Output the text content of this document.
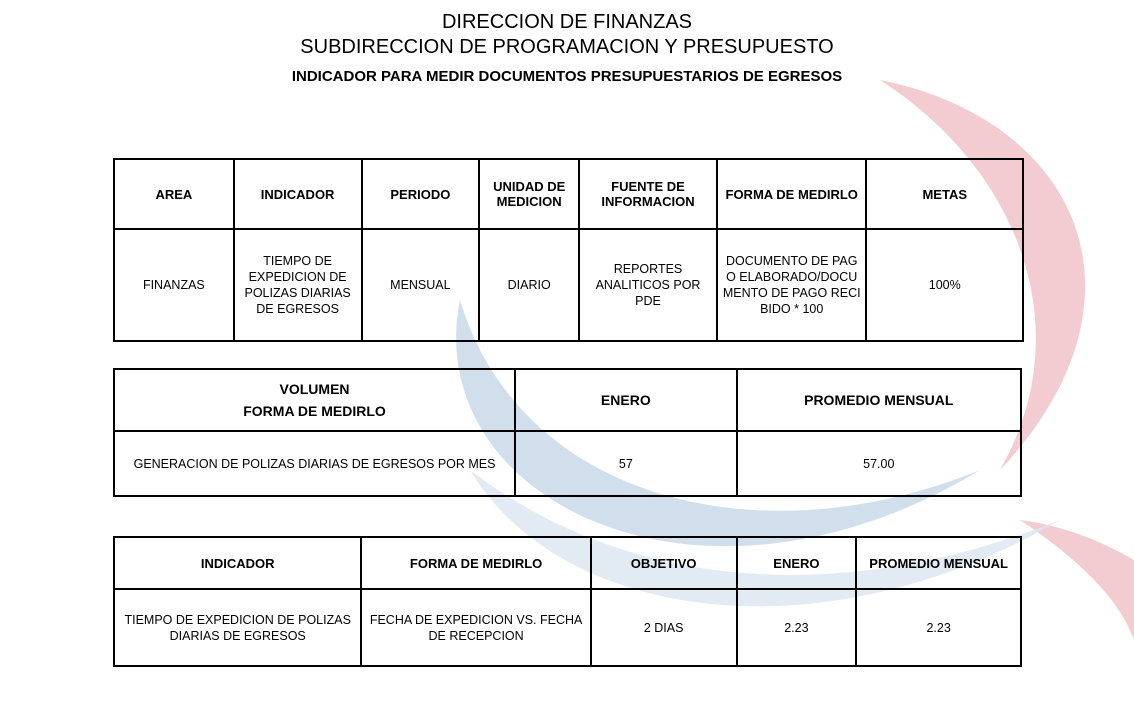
DIRECCION DE FINANZAS
SUBDIRECCION DE PROGRAMACION Y PRESUPUESTO
INDICADOR PARA MEDIR DOCUMENTOS PRESUPUESTARIOS DE EGRESOS
AREA	INDICADOR	PERIODO	UNIDAD DE MEDICION	FUENTE DE INFORMACION	FORMA DE MEDIRLO	METAS
FINANZAS	TIEMPO DE EXPEDICION DE POLIZAS DIARIAS DE EGRESOS	MENSUAL	DIARIO	REPORTES ANALITICOS POR PDE	DOCUMENTO DE PAGO ELABORADO/DOCUMENTO DE PAGO RECIBIDO * 100	100%
VOLUMEN
FORMA DE MEDIRLO	ENERO	PROMEDIO MENSUAL
GENERACION DE POLIZAS DIARIAS DE EGRESOS POR MES	57	57.00
INDICADOR	FORMA DE MEDIRLO	OBJETIVO	ENERO	PROMEDIO MENSUAL
TIEMPO DE EXPEDICION DE POLIZAS DIARIAS DE EGRESOS	FECHA DE EXPEDICION VS. FECHA DE RECEPCION	2 DIAS	2.23	2.23
